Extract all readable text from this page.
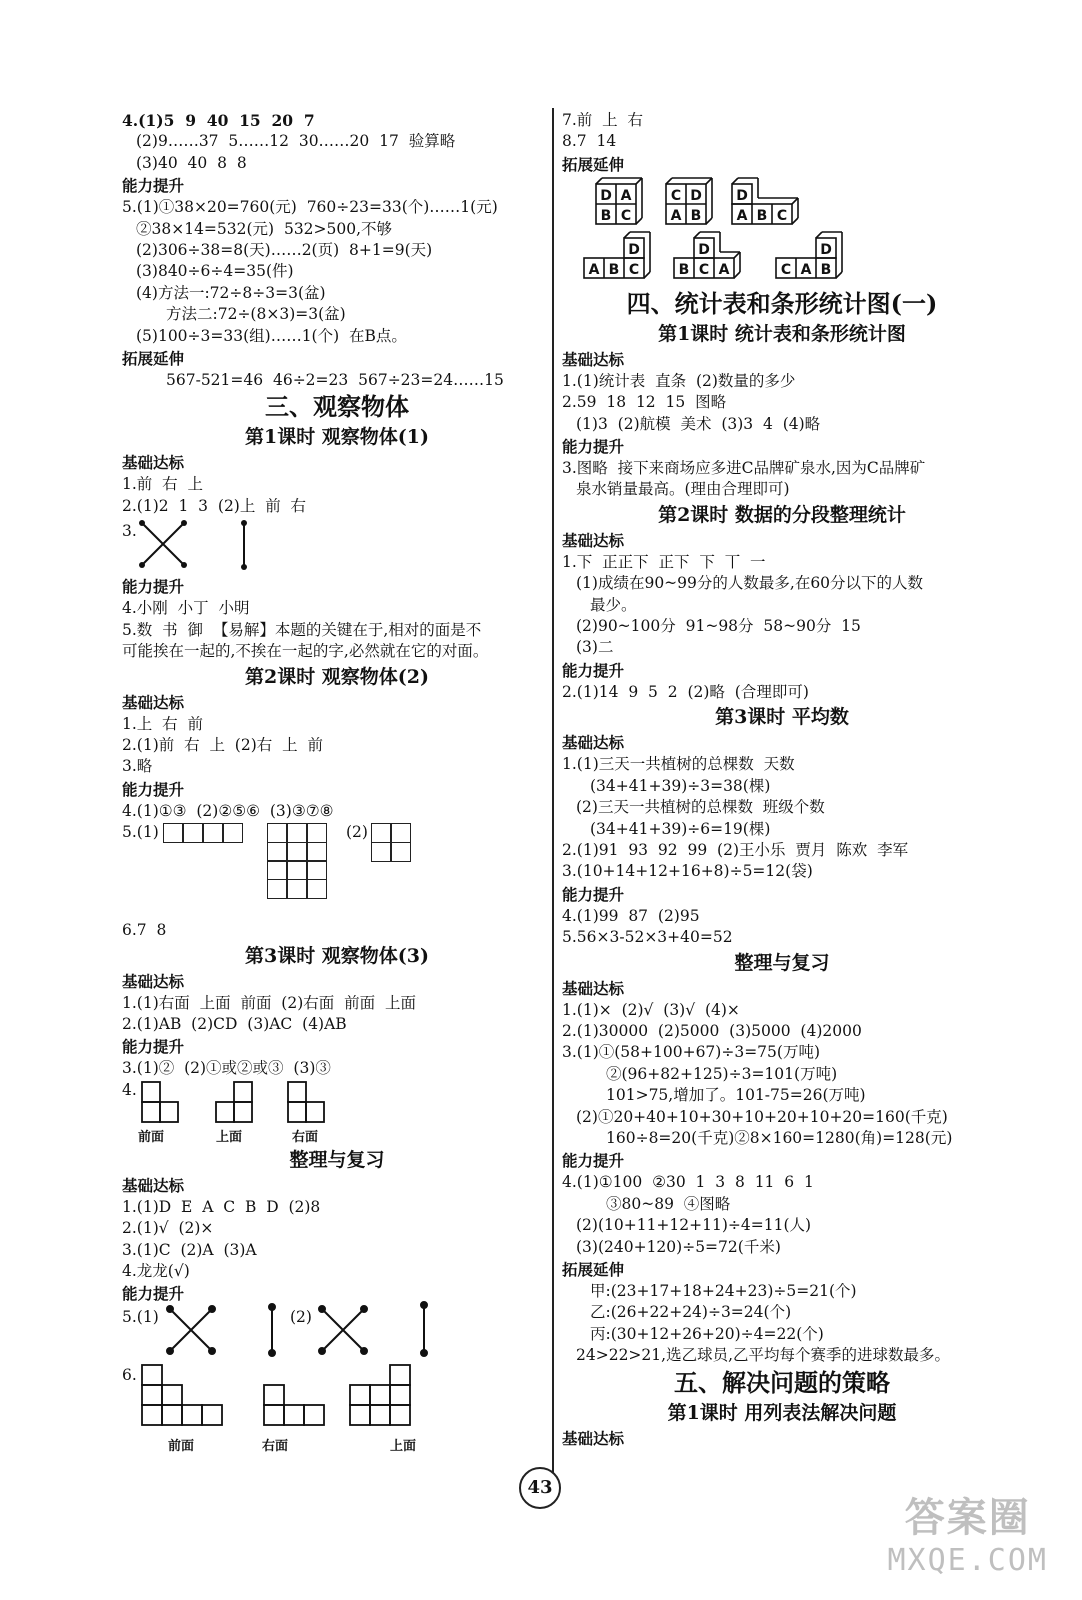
4.(1)5  9  40  15  20  7
(2)9……37  5……12  30……20  17  验算略
(3)40  40  8  8
能力提升
5.(1)①38×20=760(元)  760÷23=33(个)……1(元)
②38×14=532(元)  532>500,不够
(2)306÷38=8(天)……2(页)  8+1=9(天)
(3)840÷6÷4=35(件)
(4)方法一:72÷8÷3=3(盆)
方法二:72÷(8×3)=3(盆)
(5)100÷3=33(组)……1(个)  在B点。
拓展延伸
567-521=46  46÷2=23  567÷23=24……15
三、观察物体
第1课时 观察物体(1)
基础达标
1.前  右  上
2.(1)2  1  3  (2)上  前  右
3.
能力提升
4.小刚  小丁  小明
5.数  书  御  【易解】本题的关键在于,相对的面是不
可能挨在一起的,不挨在一起的字,必然就在它的对面。
第2课时 观察物体(2)
基础达标
1.上  右  前
2.(1)前  右  上  (2)右  上  前
3.略
能力提升
4.(1)①③  (2)②⑤⑥  (3)③⑦⑧
5.(1)	(2)
6.7  8
第3课时 观察物体(3)
基础达标
1.(1)右面  上面  前面  (2)右面  前面  上面
2.(1)AB  (2)CD  (3)AC  (4)AB
能力提升
3.(1)②  (2)①或②或③  (3)③
4.
前面	上面	右面
整理与复习
基础达标
1.(1)D  E  A  C  B  D  (2)8
2.(1)√  (2)×
3.(1)C  (2)A  (3)A
4.龙龙(√)
能力提升
5.(1)	(2)
6.
前面	右面	上面
7.前  上  右
8.7  14
拓展延伸
D A
B C
C D
A B
D
A B C
D
A B C
D
B C A
D
C A B
四、统计表和条形统计图(一)
第1课时 统计表和条形统计图
基础达标
1.(1)统计表  直条  (2)数量的多少
2.59  18  12  15  图略
(1)3  (2)航模  美术  (3)3  4  (4)略
能力提升
3.图略  接下来商场应多进C品牌矿泉水,因为C品牌矿
泉水销量最高。(理由合理即可)
第2课时 数据的分段整理统计
基础达标
1.下  正正下  正下  下  丅  一
(1)成绩在90~99分的人数最多,在60分以下的人数
最少。
(2)90~100分  91~98分  58~90分  15
(3)二
能力提升
2.(1)14  9  5  2  (2)略  (合理即可)
第3课时 平均数
基础达标
1.(1)三天一共植树的总棵数  天数
(34+41+39)÷3=38(棵)
(2)三天一共植树的总棵数  班级个数
(34+41+39)÷6=19(棵)
2.(1)91  93  92  99  (2)王小乐  贾月  陈欢  李军
3.(10+14+12+16+8)÷5=12(袋)
能力提升
4.(1)99  87  (2)95
5.56×3-52×3+40=52
整理与复习
基础达标
1.(1)×  (2)√  (3)√  (4)×
2.(1)30000  (2)5000  (3)5000  (4)2000
3.(1)①(58+100+67)÷3=75(万吨)
②(96+82+125)÷3=101(万吨)
101>75,增加了。101-75=26(万吨)
(2)①20+40+10+30+10+20+10+20=160(千克)
160÷8=20(千克)②8×160=1280(角)=128(元)
能力提升
4.(1)①100  ②30  1  3  8  11  6  1
③80~89  ④图略
(2)(10+11+12+11)÷4=11(人)
(3)(240+120)÷5=72(千米)
拓展延伸
甲:(23+17+18+24+23)÷5=21(个)
乙:(26+22+24)÷3=24(个)
丙:(30+12+26+20)÷4=22(个)
24>22>21,选乙球员,乙平均每个赛季的进球数最多。
五、解决问题的策略
第1课时 用列表法解决问题
基础达标
43
答案圈
MXQE.COM
